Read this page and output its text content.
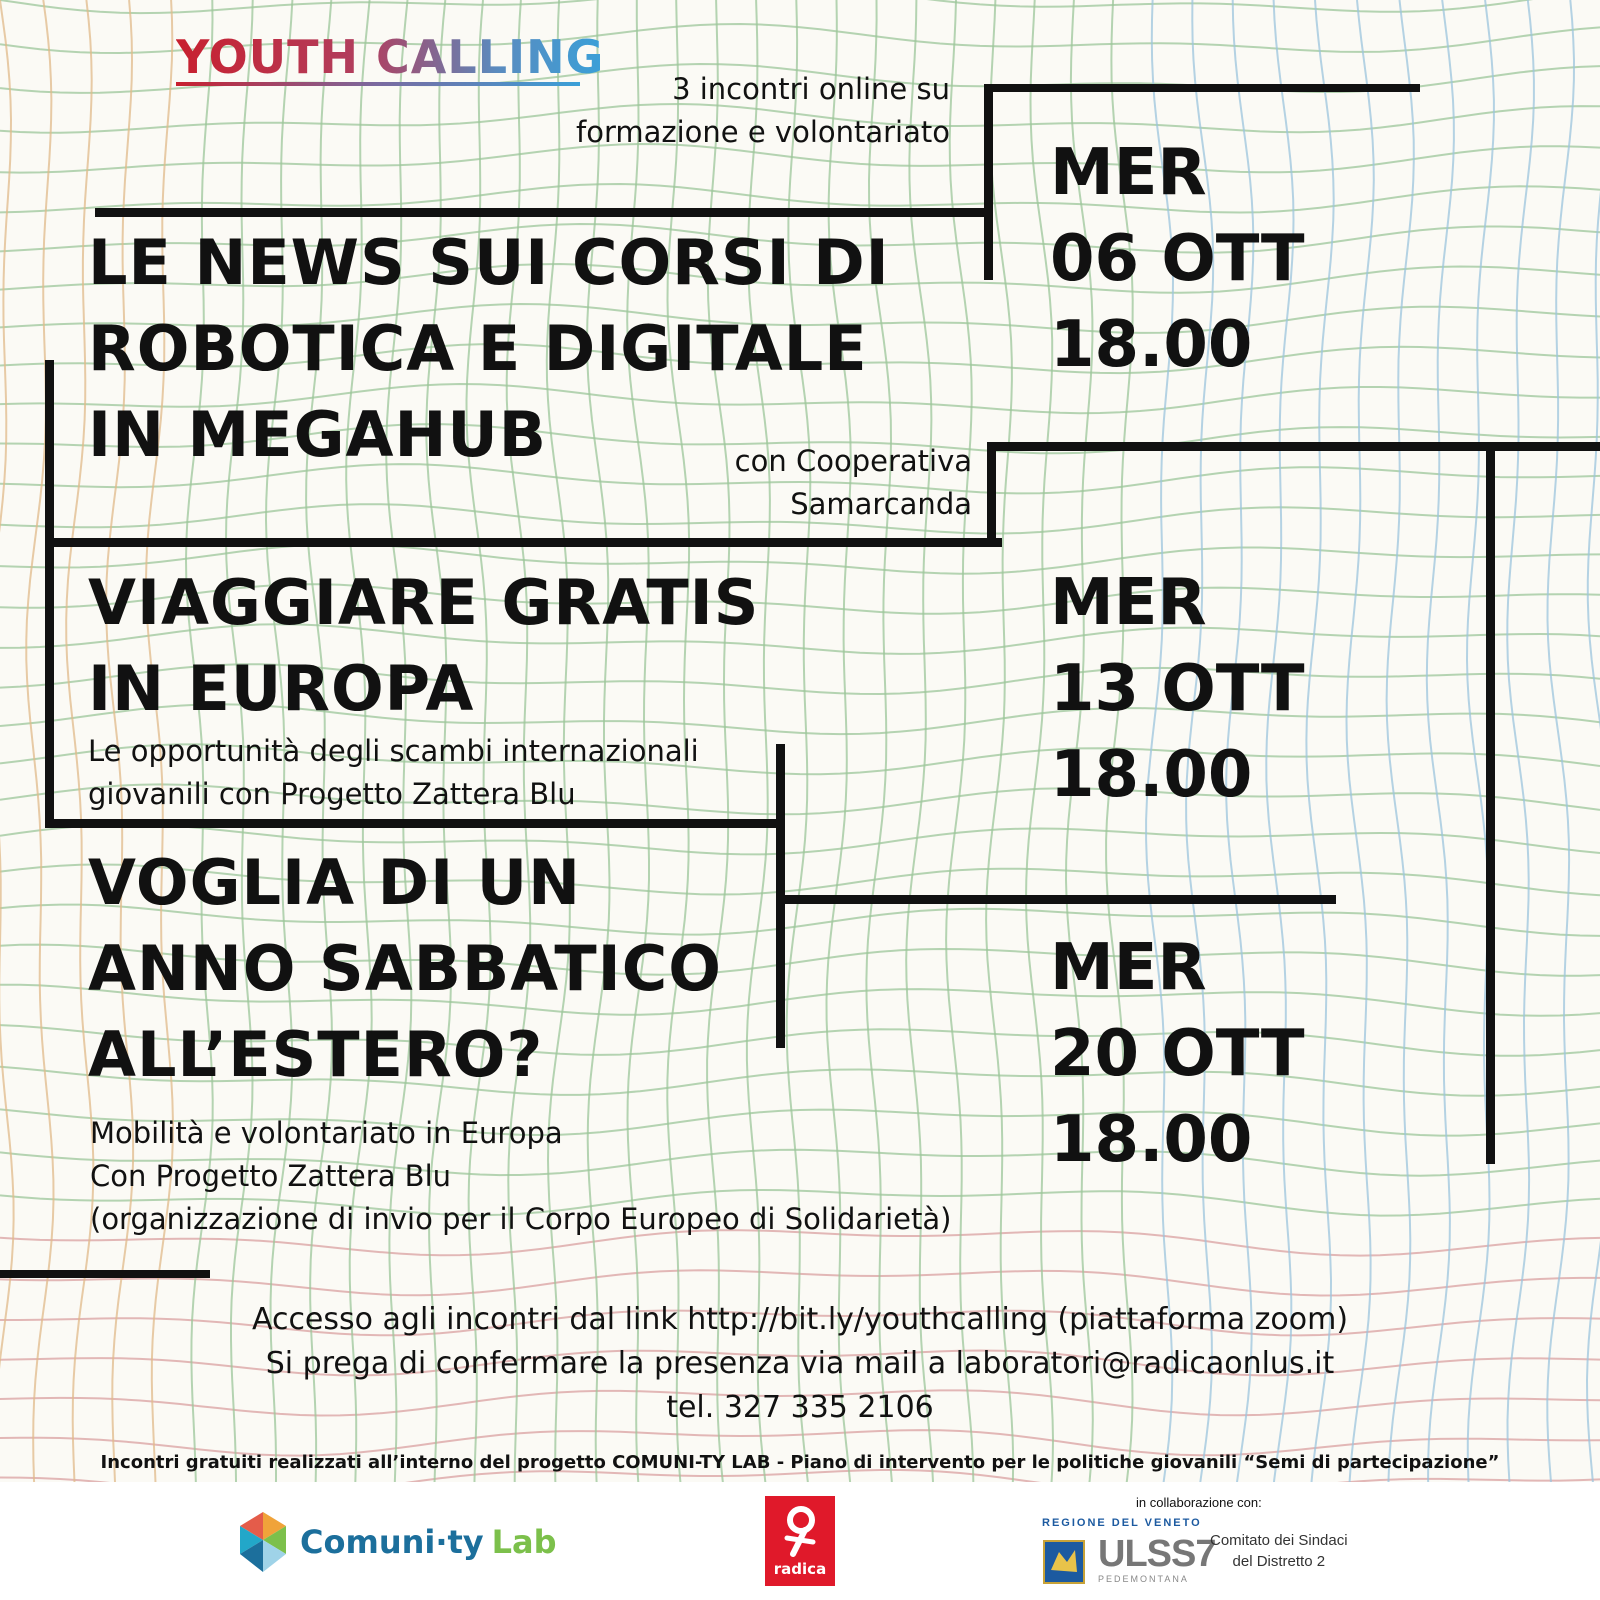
YOUTH CALLING
3 incontri online su
formazione e volontariato
LE NEWS SUI CORSI DI
ROBOTICA E DIGITALE
IN MEGAHUB	con Cooperativa
Samarcanda
MER
06 OTT
18.00
VIAGGIARE GRATIS
IN EUROPA
Le opportunità degli scambi internazionali
giovanili con Progetto Zattera Blu
MER
13 OTT
18.00
VOGLIA DI UN
ANNO SABBATICO
ALL’ESTERO?
Mobilità e volontariato in Europa
Con Progetto Zattera Blu
(organizzazione di invio per il Corpo Europeo di Solidarietà)
MER
20 OTT
18.00
Accesso agli incontri dal link http://bit.ly/youthcalling (piattaforma zoom)
Si prega di confermare la presenza via mail a laboratori@radicaonlus.it
tel. 327 335 2106
Incontri gratuiti realizzati all’interno del progetto COMUNI-TY LAB - Piano di intervento per le politiche giovanili “Semi di partecipazione”
Comuni·ty Lab
radica
in collaborazione con:
REGIONE DEL VENETO
ULSS7
PEDEMONTANA
Comitato dei Sindaci
del Distretto 2
